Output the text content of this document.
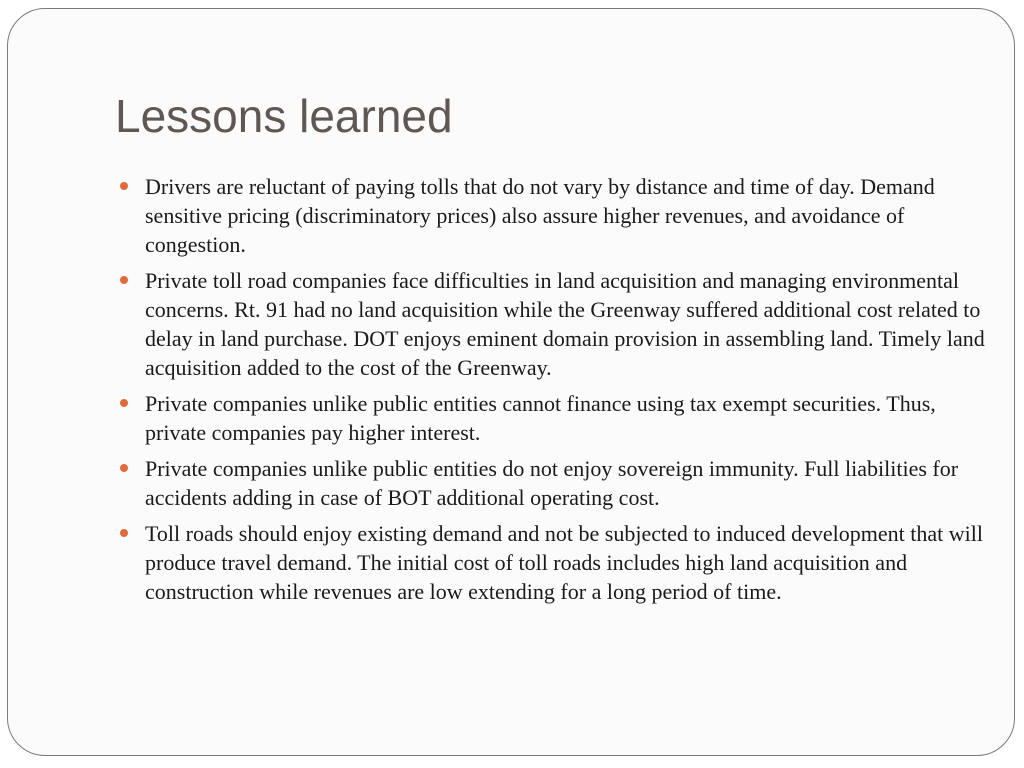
Lessons learned
Drivers are reluctant of paying tolls that do not vary by distance and time of day. Demand sensitive pricing (discriminatory prices) also assure higher revenues, and avoidance of congestion.
Private toll road companies face difficulties in land acquisition and managing environmental concerns. Rt. 91 had no land acquisition while the Greenway suffered additional cost related to delay in land purchase. DOT enjoys eminent domain provision in assembling land. Timely land acquisition added to the cost of the Greenway.
Private companies unlike public entities cannot finance using tax exempt securities. Thus, private companies pay higher interest.
Private companies unlike public entities do not enjoy sovereign immunity. Full liabilities for accidents adding in case of BOT additional operating cost.
Toll roads should enjoy existing demand and not be subjected to induced development that will produce travel demand. The initial cost of toll roads includes high land acquisition and construction while revenues are low extending for a long period of time.
